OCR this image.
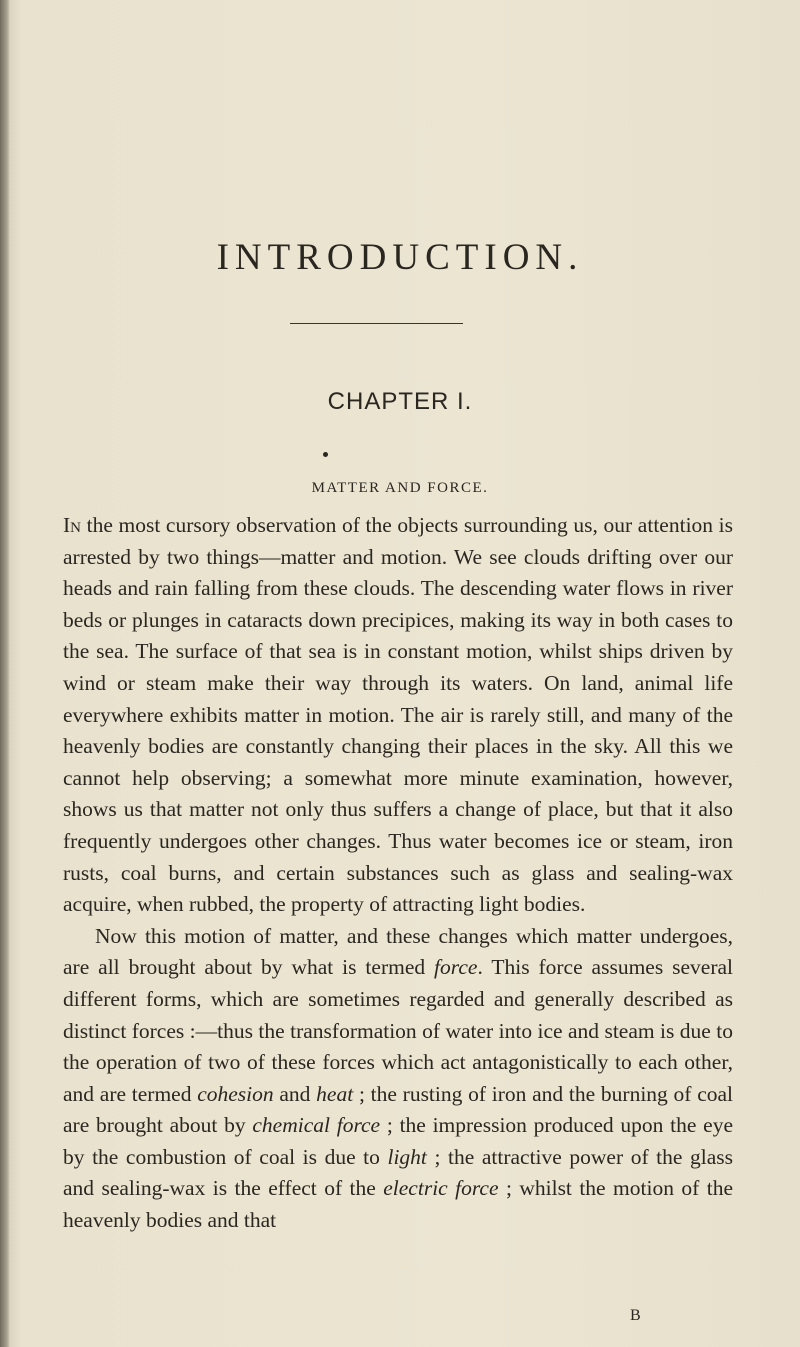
INTRODUCTION.
CHAPTER I.
MATTER AND FORCE.

In the most cursory observation of the objects surrounding us, our attention is arrested by two things—matter and motion. We see clouds drifting over our heads and rain falling from these clouds. The descending water flows in river beds or plunges in cataracts down precipices, making its way in both cases to the sea. The surface of that sea is in constant motion, whilst ships driven by wind or steam make their way through its waters. On land, animal life everywhere exhibits matter in motion. The air is rarely still, and many of the heavenly bodies are constantly changing their places in the sky. All this we cannot help observing; a somewhat more minute examination, however, shows us that matter not only thus suffers a change of place, but that it also frequently undergoes other changes. Thus water becomes ice or steam, iron rusts, coal burns, and certain substances such as glass and sealing-wax acquire, when rubbed, the property of attracting light bodies.

Now this motion of matter, and these changes which matter undergoes, are all brought about by what is termed force. This force assumes several different forms, which are sometimes regarded and generally described as distinct forces :—thus the transformation of water into ice and steam is due to the operation of two of these forces which act antagonistically to each other, and are termed cohesion and heat ; the rusting of iron and the burning of coal are brought about by chemical force ; the impression produced upon the eye by the combustion of coal is due to light ; the attractive power of the glass and sealing-wax is the effect of the electric force ; whilst the motion of the heavenly bodies and that

B
